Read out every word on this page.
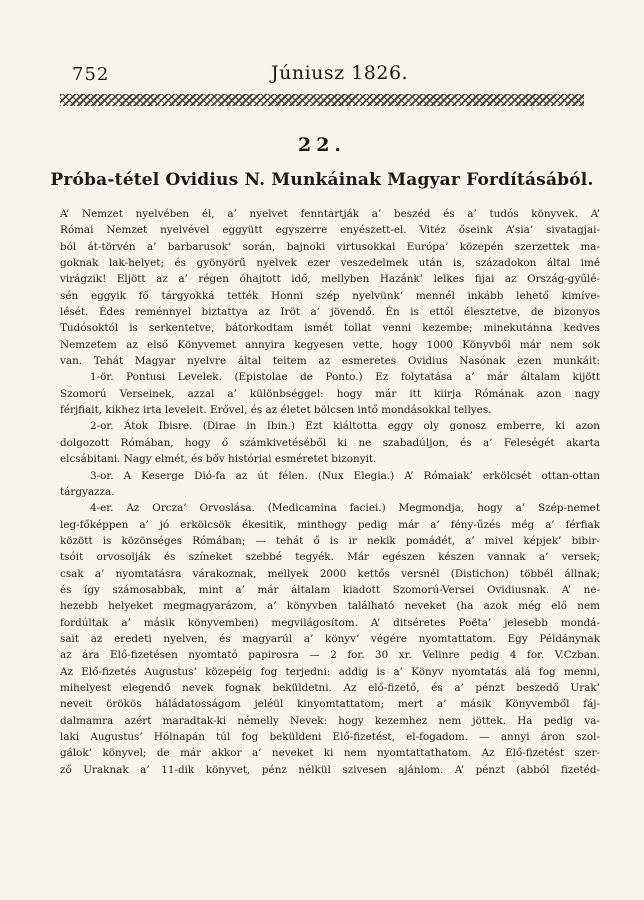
752	Júniusz 1826.
22.
Próba-tétel Ovidius N. Munkáinak Magyar Fordításából.
A’ Nemzet nyelvében él, a’ nyelvet fenntartják a’ beszéd és a’ tudós könyvek. A’
Római Nemzet nyelvével eggyütt egyszerre enyészett-el. Vitéz őseink A’sia’ sivatagjai-
ból át-törvén a’ barbarusok’ során, bajnoki virtusokkal Európa’ közepén szerzettek ma-
goknak lak-helyet; és gyönyörű nyelvek ezer veszedelmek után is, századokon által imé
virágzik! Eljött az a’ régen óhajtott idő, mellyben Hazánk’ lelkes fijai az Ország-gyűlé-
sén eggyik fő tárgyokká tették Honni szép nyelvünk’ mennél inkább lehető kimíve-
lését. Édes reménnyel biztattya az Iröt a’ jövendő. Én is ettől élesztetve, de bizonyos
Tudósoktól is serkentetve, bátorkodtam ismét tollat venni kezembe; minekutánna kedves
Nemzetem az első Könyvemet annyira kegyesen vette, hogy 1000 Könyvből már nem sok
van. Tehát Magyar nyelvre által teitem az esmeretes Ovidius Nasónak ezen munkáit:
1-ör. Pontusi Levelek. (Epistolae de Ponto.) Ez folytatása a’ már általam kijött
Szomorú Verseinek, azzal a’ különbséggel: hogy már itt kiirja Rómának azon nagy
férjfiait, kikhez irta leveleit. Erővel, és az életet bölcsen intő mondásokkal tellyes.
2-or. Átok Ibisre. (Dirae in Ibin.) Ezt kiáltotta eggy oly gonosz emberre, ki azon
dolgozott Rómában, hogy ő számkivetéséből ki ne szabadúljon, és a’ Feleségét akarta
elcsábitani. Nagy elmét, és bőv históriai esméretet bizonyit.
3-or. A Keserge Dió-fa az út félen. (Nux Elegia.) A’ Rómaiak’ erkölcsét ottan-ottan
tárgyazza.
4-er. Az Orcza’ Orvoslása. (Medicamina faciei.) Megmondja, hogy a’ Szép-nemet
leg-főképpen a’ jó erkölcsök ékesitik, minthogy pedig már a’ fény-űzés még a’ férfiak
között is közönséges Rómában; — tehát ő is ir nekik pomádét, a’ mivel képjek’ bibir-
tsóit orvosolják és színeket szebbé tegyék. Már egészen készen vannak a’ versek;
csak a’ nyomtatásra várakoznak, mellyek 2000 kettős versnél (Distichon) többél állnak;
és így számosabbak, mint a’ már általam kiadott Szomorú-Versei Ovidiusnak. A’ ne-
hezebb helyeket megmagyarázom, a’ könyvben található neveket (ha azok még elő nem
fordúltak a’ másik könyvemben) megvilágosítom. A’ ditséretes Poëta’ jelesebb mondá-
sait az eredeti nyelven, és magyarúl a’ könyv’ végére nyomtattatom. Egy Példánynak
az ára Elő-fizetésen nyomtató papirosra — 2 for. 30 xr. Velinre pedig 4 for. V.Czban.
Az Elő-fizetés Augustus’ közepéig fog terjedni: addig is a’ Könyv nyomtatás alá fog menni,
mihelyest elegendő nevek fognak beküldetni. Az elő-fizető, és a’ pénzt beszedő Urak’
neveit örökös háládatosságom jeléül kinyomtattatom; mert a’ másik Könyvemből fáj-
dalmamra azért maradtak-ki némelly Nevek: hogy kezemhez nem jöttek. Ha pedig va-
laki Augustus’ Hólnapán túl fog beküldeni Elő-fizetést, el-fogadom. — annyi áron szol-
gálok’ könyvel; de már akkor a’ neveket ki nem nyomtattathatom. Az Elő-fizetést szer-
ző Uraknak a’ 11-dik könyvet, pénz nélkül szivesen ajánlom. A’ pénzt (abból fizetéd-
